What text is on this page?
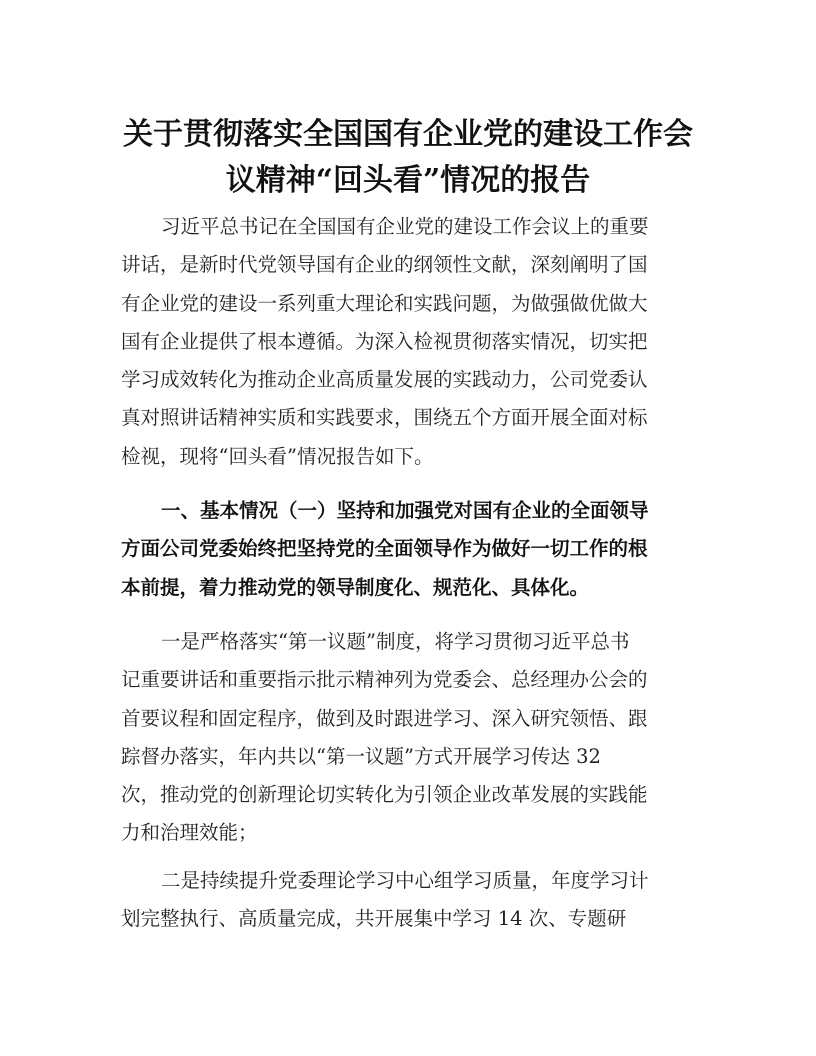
关于贯彻落实全国国有企业党的建设工作会
议精神“回头看”情况的报告
习近平总书记在全国国有企业党的建设工作会议上的重要
讲话，是新时代党领导国有企业的纲领性文献，深刻阐明了国
有企业党的建设一系列重大理论和实践问题，为做强做优做大
国有企业提供了根本遵循。为深入检视贯彻落实情况，切实把
学习成效转化为推动企业高质量发展的实践动力，公司党委认
真对照讲话精神实质和实践要求，围绕五个方面开展全面对标
检视，现将“回头看”情况报告如下。
一、基本情况（一）坚持和加强党对国有企业的全面领导
方面公司党委始终把坚持党的全面领导作为做好一切工作的根
本前提，着力推动党的领导制度化、规范化、具体化。
一是严格落实“第一议题”制度，将学习贯彻习近平总书
记重要讲话和重要指示批示精神列为党委会、总经理办公会的
首要议程和固定程序，做到及时跟进学习、深入研究领悟、跟
踪督办落实，年内共以“第一议题”方式开展学习传达 32
次，推动党的创新理论切实转化为引领企业改革发展的实践能
力和治理效能；
二是持续提升党委理论学习中心组学习质量，年度学习计
划完整执行、高质量完成，共开展集中学习 14 次、专题研
